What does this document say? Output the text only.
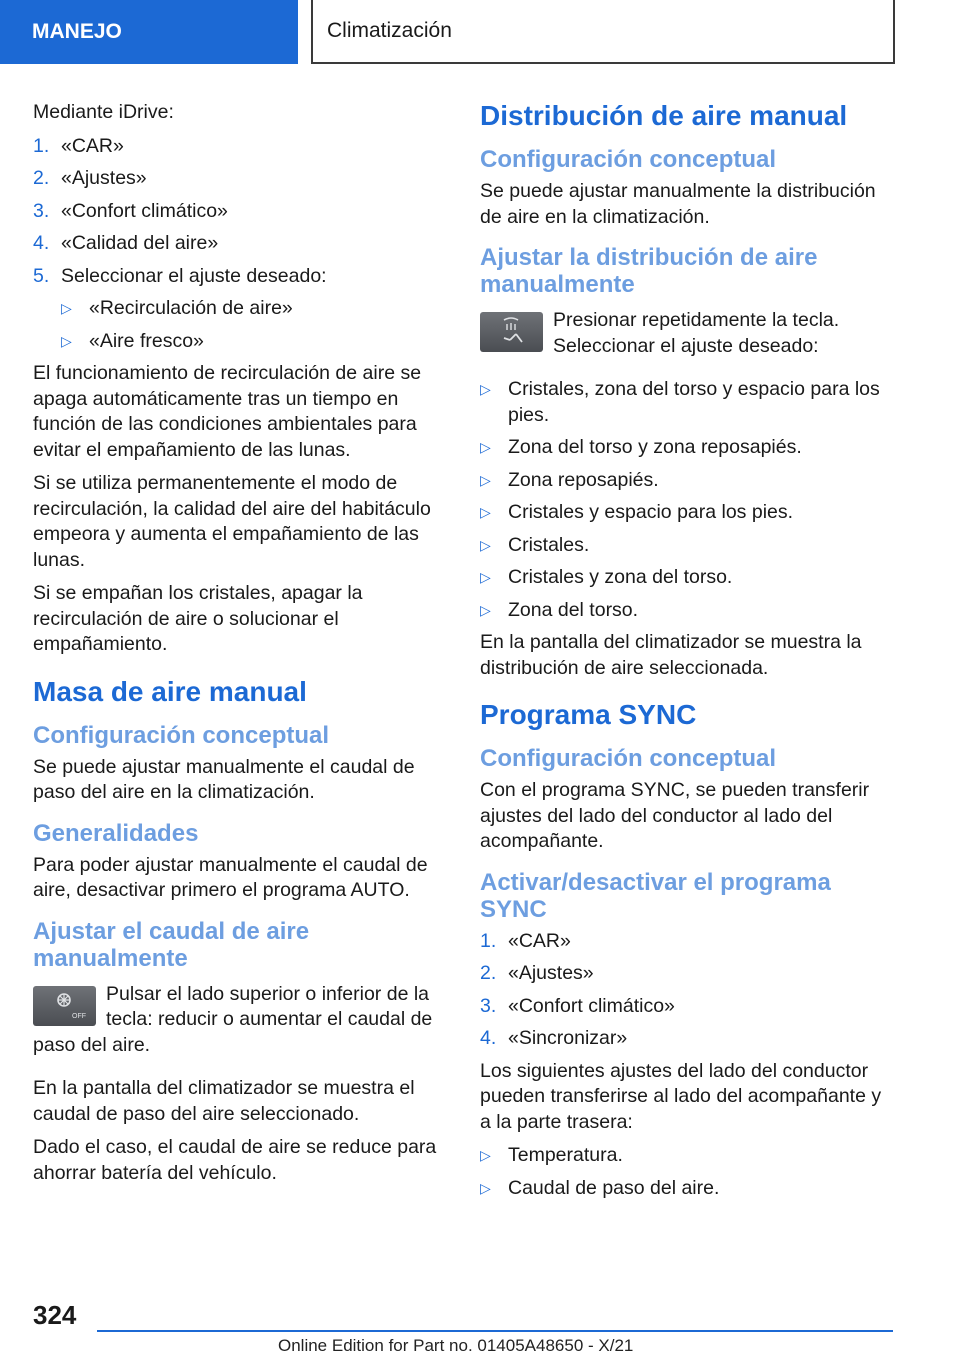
MANEJO	Climatización

Mediante iDrive:

1. «CAR»
2. «Ajustes»
3. «Confort climático»
4. «Calidad del aire»
5. Seleccionar el ajuste deseado:
▷ «Recirculación de aire»
▷ «Aire fresco»

El funcionamiento de recirculación de aire se apaga automáticamente tras un tiempo en función de las condiciones ambientales para evitar el empañamiento de las lunas.

Si se utiliza permanentemente el modo de recirculación, la calidad del aire del habitáculo empeora y aumenta el empañamiento de las lunas.

Si se empañan los cristales, apagar la recirculación de aire o solucionar el empañamiento.

Masa de aire manual
Configuración conceptual

Se puede ajustar manualmente el caudal de paso del aire en la climatización.

Generalidades

Para poder ajustar manualmente el caudal de aire, desactivar primero el programa AUTO.

Ajustar el caudal de aire manualmente
OFF

Pulsar el lado superior o inferior de la tecla: reducir o aumentar el caudal de paso del aire.

En la pantalla del climatizador se muestra el caudal de paso del aire seleccionado.

Dado el caso, el caudal de aire se reduce para ahorrar batería del vehículo.

Distribución de aire manual
Configuración conceptual

Se puede ajustar manualmente la distribución de aire en la climatización.

Ajustar la distribución de aire manualmente

Presionar repetidamente la tecla. Seleccionar el ajuste deseado:

▷ Cristales, zona del torso y espacio para los pies.
▷ Zona del torso y zona reposapiés.
▷ Zona reposapiés.
▷ Cristales y espacio para los pies.
▷ Cristales.
▷ Cristales y zona del torso.
▷ Zona del torso.

En la pantalla del climatizador se muestra la distribución de aire seleccionada.

Programa SYNC
Configuración conceptual

Con el programa SYNC, se pueden transferir ajustes del lado del conductor al lado del acompañante.

Activar/desactivar el programa SYNC
1. «CAR»
2. «Ajustes»
3. «Confort climático»
4. «Sincronizar»

Los siguientes ajustes del lado del conductor pueden transferirse al lado del acompañante y a la parte trasera:

▷ Temperatura.
▷ Caudal de paso del aire.
324
Online Edition for Part no. 01405A48650 - X/21
